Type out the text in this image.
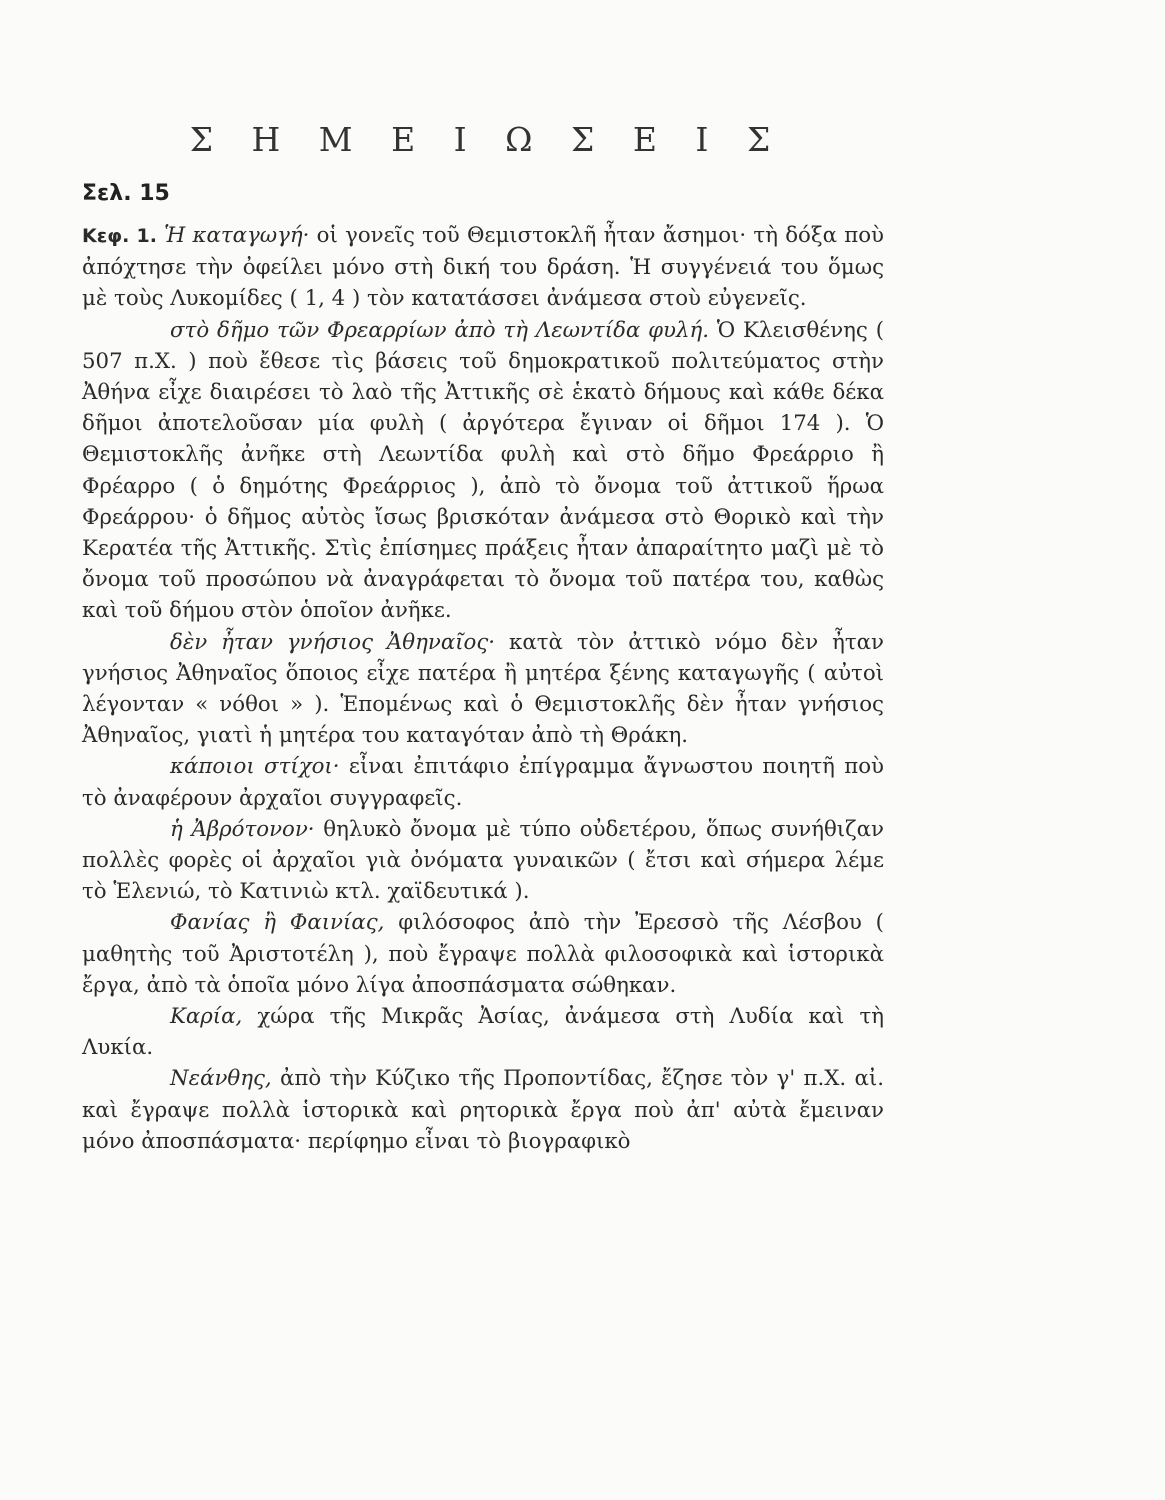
Σ Η Μ Ε Ι Ω Σ Ε Ι Σ
Σελ. 15

Κεφ. 1. Ἡ καταγωγή· οἱ γονεῖς τοῦ Θεμιστοκλῆ ἦταν ἄσημοι· τὴ δόξα ποὺ ἀπόχτησε τὴν ὀφείλει μόνο στὴ δική του δράση. Ἡ συγγένειά του ὅμως μὲ τοὺς Λυκομίδες ( 1, 4 ) τὸν κατατάσσει ἀνάμεσα στοὺ εὐγενεῖς.

στὸ δῆμο τῶν Φρεαρρίων ἀπὸ τὴ Λεωντίδα φυλή. Ὁ Κλεισθένης ( 507 π.Χ. ) ποὺ ἔθεσε τὶς βάσεις τοῦ δημοκρατικοῦ πολιτεύματος στὴν Ἀθήνα εἶχε διαιρέσει τὸ λαὸ τῆς Ἀττικῆς σὲ ἑκατὸ δήμους καὶ κάθε δέκα δῆμοι ἀποτελοῦσαν μία φυλὴ ( ἀργότερα ἔγιναν οἱ δῆμοι 174 ). Ὁ Θεμιστοκλῆς ἀνῆκε στὴ Λεωντίδα φυλὴ καὶ στὸ δῆμο Φρεάρριο ἢ Φρέαρρο ( ὁ δημότης Φρεάρριος ), ἀπὸ τὸ ὄνομα τοῦ ἀττικοῦ ἥρωα Φρεάρρου· ὁ δῆμος αὐτὸς ἴσως βρισκόταν ἀνάμεσα στὸ Θορικὸ καὶ τὴν Κερατέα τῆς Ἀττικῆς. Στὶς ἐπίσημες πράξεις ἦταν ἀπαραίτητο μαζὶ μὲ τὸ ὄνομα τοῦ προσώπου νὰ ἀναγράφεται τὸ ὄνομα τοῦ πατέρα του, καθὼς καὶ τοῦ δήμου στὸν ὁποῖον ἀνῆκε.

δὲν ἦταν γνήσιος Ἀθηναῖος· κατὰ τὸν ἀττικὸ νόμο δὲν ἦταν γνήσιος Ἀθηναῖος ὅποιος εἶχε πατέρα ἢ μητέρα ξένης καταγωγῆς ( αὐτοὶ λέγονταν « νόθοι » ). Ἑπομένως καὶ ὁ Θεμιστοκλῆς δὲν ἦταν γνήσιος Ἀθηναῖος, γιατὶ ἡ μητέρα του καταγόταν ἀπὸ τὴ Θράκη.

κάποιοι στίχοι· εἶναι ἐπιτάφιο ἐπίγραμμα ἄγνωστου ποιητῆ ποὺ τὸ ἀναφέρουν ἀρχαῖοι συγγραφεῖς.

ἡ Ἀβρότονον· θηλυκὸ ὄνομα μὲ τύπο οὐδετέρου, ὅπως συνήθιζαν πολλὲς φορὲς οἱ ἀρχαῖοι γιὰ ὀνόματα γυναικῶν ( ἔτσι καὶ σήμερα λέμε τὸ Ἑλενιώ, τὸ Κατινιὼ κτλ. χαϊδευτικά ).

Φανίας ἢ Φαινίας, φιλόσοφος ἀπὸ τὴν Ἐρεσσὸ τῆς Λέσβου ( μαθητὴς τοῦ Ἀριστοτέλη ), ποὺ ἔγραψε πολλὰ φιλοσοφικὰ καὶ ἱστορικὰ ἔργα, ἀπὸ τὰ ὁποῖα μόνο λίγα ἀποσπάσματα σώθηκαν.

Καρία, χώρα τῆς Μικρᾶς Ἀσίας, ἀνάμεσα στὴ Λυδία καὶ τὴ Λυκία.

Νεάνθης, ἀπὸ τὴν Κύζικο τῆς Προποντίδας, ἔζησε τὸν γ' π.Χ. αἰ. καὶ ἔγραψε πολλὰ ἱστορικὰ καὶ ρητορικὰ ἔργα ποὺ ἀπ' αὐτὰ ἔμειναν μόνο ἀποσπάσματα· περίφημο εἶναι τὸ βιογραφικὸ
